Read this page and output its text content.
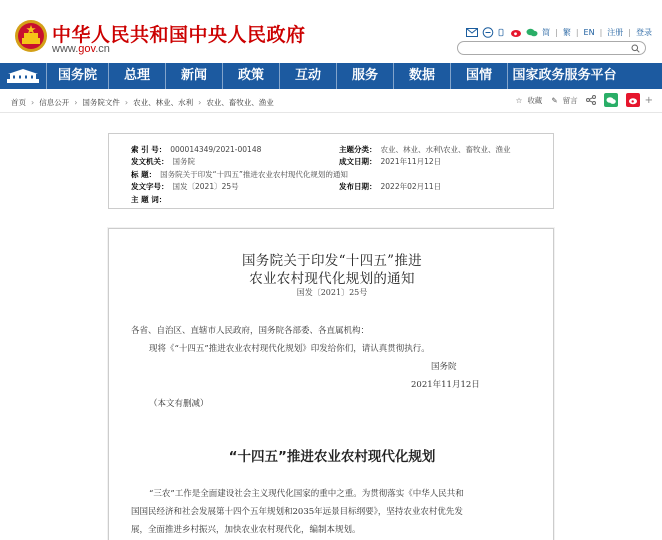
中华人民共和国中央人民政府
www.gov.cn
简 | 繁 | EN | 注册 | 登录
国务院	总理	新闻	政策	互动	服务	数据	国情	国家政务服务平台
首页 › 信息公开 › 国务院文件 › 农业、林业、水利 › 农业、畜牧业、渔业	☆ 收藏 ✎ 留言	+
索 引 号： 000014349/2021-00148	主题分类： 农业、林业、水利\农业、畜牧业、渔业
发文机关： 国务院	成文日期： 2021年11月12日
标 题： 国务院关于印发“十四五”推进农业农村现代化规划的通知
发文字号： 国发〔2021〕25号	发布日期： 2022年02月11日
主 题 词：
国务院关于印发“十四五”推进
农业农村现代化规划的通知
国发〔2021〕25号
各省、自治区、直辖市人民政府，国务院各部委、各直属机构：
现将《“十四五”推进农业农村现代化规划》印发给你们，请认真贯彻执行。
国务院
2021年11月12日
（本文有删减）
“十四五”推进农业农村现代化规划
“三农”工作是全面建设社会主义现代化国家的重中之重。为贯彻落实《中华人民共和
国国民经济和社会发展第十四个五年规划和2035年远景目标纲要》，坚持农业农村优先发
展，全面推进乡村振兴，加快农业农村现代化，编制本规划。
